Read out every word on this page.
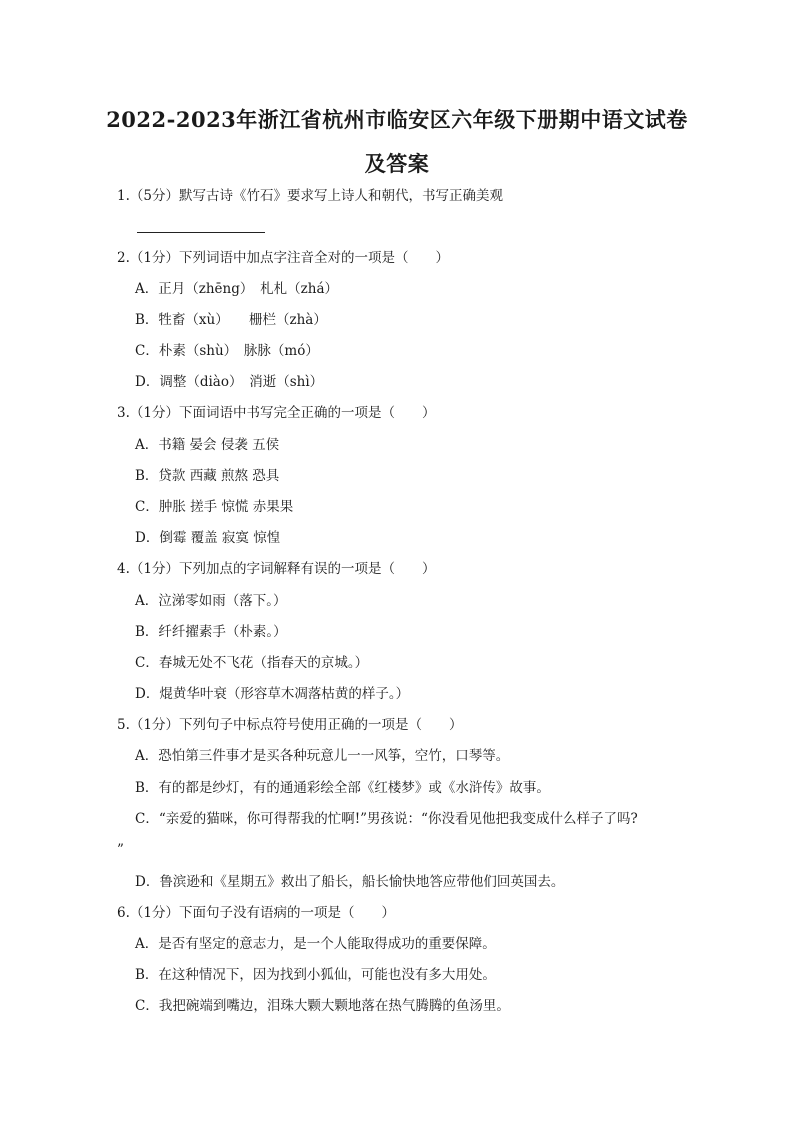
2022-2023年浙江省杭州市临安区六年级下册期中语文试卷
及答案
1.（5分）默写古诗《竹石》要求写上诗人和朝代，书写正确美观
2.（1分）下列词语中加点字注音全对的一项是（　　）
A．正月（zhēng）　札札（zhá）
B．牲畜（xù）　　栅栏（zhà）
C．朴素（shù）　脉脉（mó）
D．调整（diào）　消逝（shì）
3.（1分）下面词语中书写完全正确的一项是（　　）
A．书籍 晏会 侵袭 五侯
B．贷款 西藏 煎熬 恐具
C．肿胀 搓手 惊慌 赤果果
D．倒霉 覆盖 寂寞 惊惶
4.（1分）下列加点的字词解释有误的一项是（　　）
A．泣涕零如雨（落下。）
B．纤纤擢素手（朴素。）
C．春城无处不飞花（指春天的京城。）
D．焜黄华叶衰（形容草木凋落枯黄的样子。）
5.（1分）下列句子中标点符号使用正确的一项是（　　）
A．恐怕第三件事才是买各种玩意儿一一风筝，空竹，口琴等。
B．有的都是纱灯，有的通通彩绘全部《红楼梦》或《水浒传》故事。
C．“亲爱的猫咪，你可得帮我的忙啊!”男孩说：“你没看见他把我变成什么样子了吗?
”
D．鲁滨逊和《星期五》救出了船长，船长愉快地答应带他们回英国去。
6.（1分）下面句子没有语病的一项是（　　）
A．是否有坚定的意志力，是一个人能取得成功的重要保障。
B．在这种情况下，因为找到小狐仙，可能也没有多大用处。
C．我把碗端到嘴边，泪珠大颗大颗地落在热气腾腾的鱼汤里。
